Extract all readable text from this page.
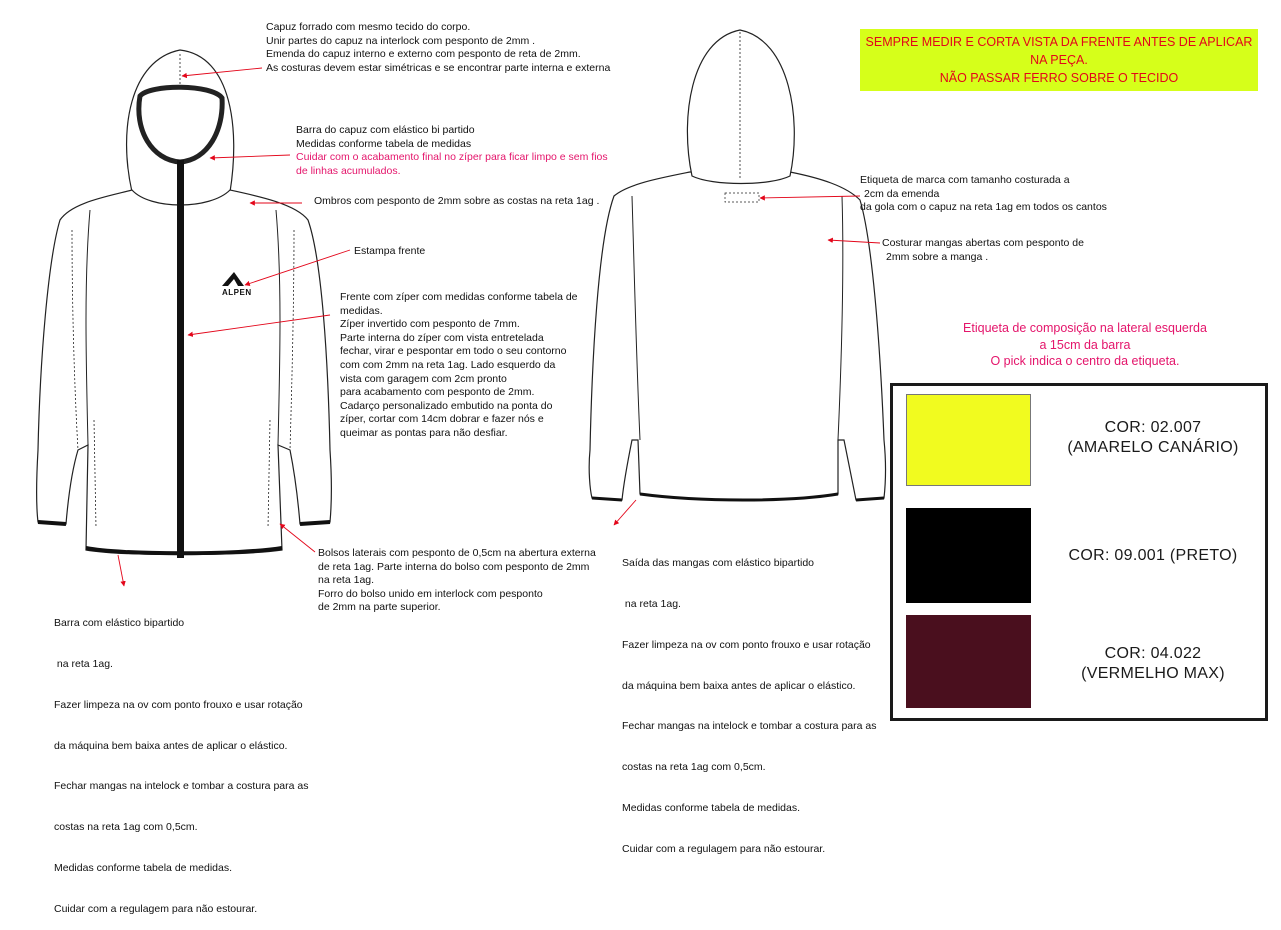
ALPEN
SEMPRE MEDIR E CORTA VISTA DA FRENTE ANTES DE APLICAR NA PEÇA.
NÃO PASSAR FERRO SOBRE O TECIDO
Capuz forrado com mesmo tecido do corpo.
Unir partes do capuz na interlock com pesponto de 2mm .
Emenda do capuz interno e externo com pesponto de reta de 2mm.
As costuras devem estar simétricas e se encontrar parte interna e externa
Barra do capuz com elástico bi partido
Medidas conforme tabela de medidas
Cuidar com o acabamento final no zíper para ficar limpo e sem fios
de linhas acumulados.
Ombros com pesponto de 2mm sobre as costas na reta 1ag .
Estampa frente
Frente com zíper com medidas conforme tabela de
medidas.
Zíper invertido com pesponto de 7mm.
Parte interna do zíper com vista entretelada
fechar, virar e pespontar em todo o seu contorno
com com 2mm na reta 1ag. Lado esquerdo da
vista com garagem com 2cm pronto
para acabamento com pesponto de 2mm.
Cadarço personalizado embutido na ponta do
zíper, cortar com 14cm dobrar e fazer nós e
queimar as pontas para não desfiar.
Bolsos laterais com pesponto de 0,5cm na abertura externa
de reta 1ag. Parte interna do bolso com pesponto de 2mm
na reta 1ag.
Forro do bolso unido em interlock com pesponto
de 2mm na parte superior.

Barra com elástico bipartido

na reta 1ag.

Fazer limpeza na ov com ponto frouxo e usar rotação

da máquina bem baixa antes de aplicar o elástico.

Fechar mangas na intelock e tombar a costura para as

costas na reta 1ag com 0,5cm.

Medidas conforme tabela de medidas.

Cuidar com a regulagem para não estourar.

Etiqueta de marca com tamanho costurada a
2cm da emenda
da gola com o capuz na reta 1ag em todos os cantos
Costurar mangas abertas com pesponto de
2mm sobre a manga .

Saída das mangas com elástico bipartido

na reta 1ag.

Fazer limpeza na ov com ponto frouxo e usar rotação

da máquina bem baixa antes de aplicar o elástico.

Fechar mangas na intelock e tombar a costura para as

costas na reta 1ag com 0,5cm.

Medidas conforme tabela de medidas.

Cuidar com a regulagem para não estourar.

Etiqueta de composição na lateral esquerda
a 15cm da barra
O pick indica o centro da etiqueta.
COR: 02.007
(AMARELO CANÁRIO)
COR: 09.001 (PRETO)
COR: 04.022
(VERMELHO MAX)
